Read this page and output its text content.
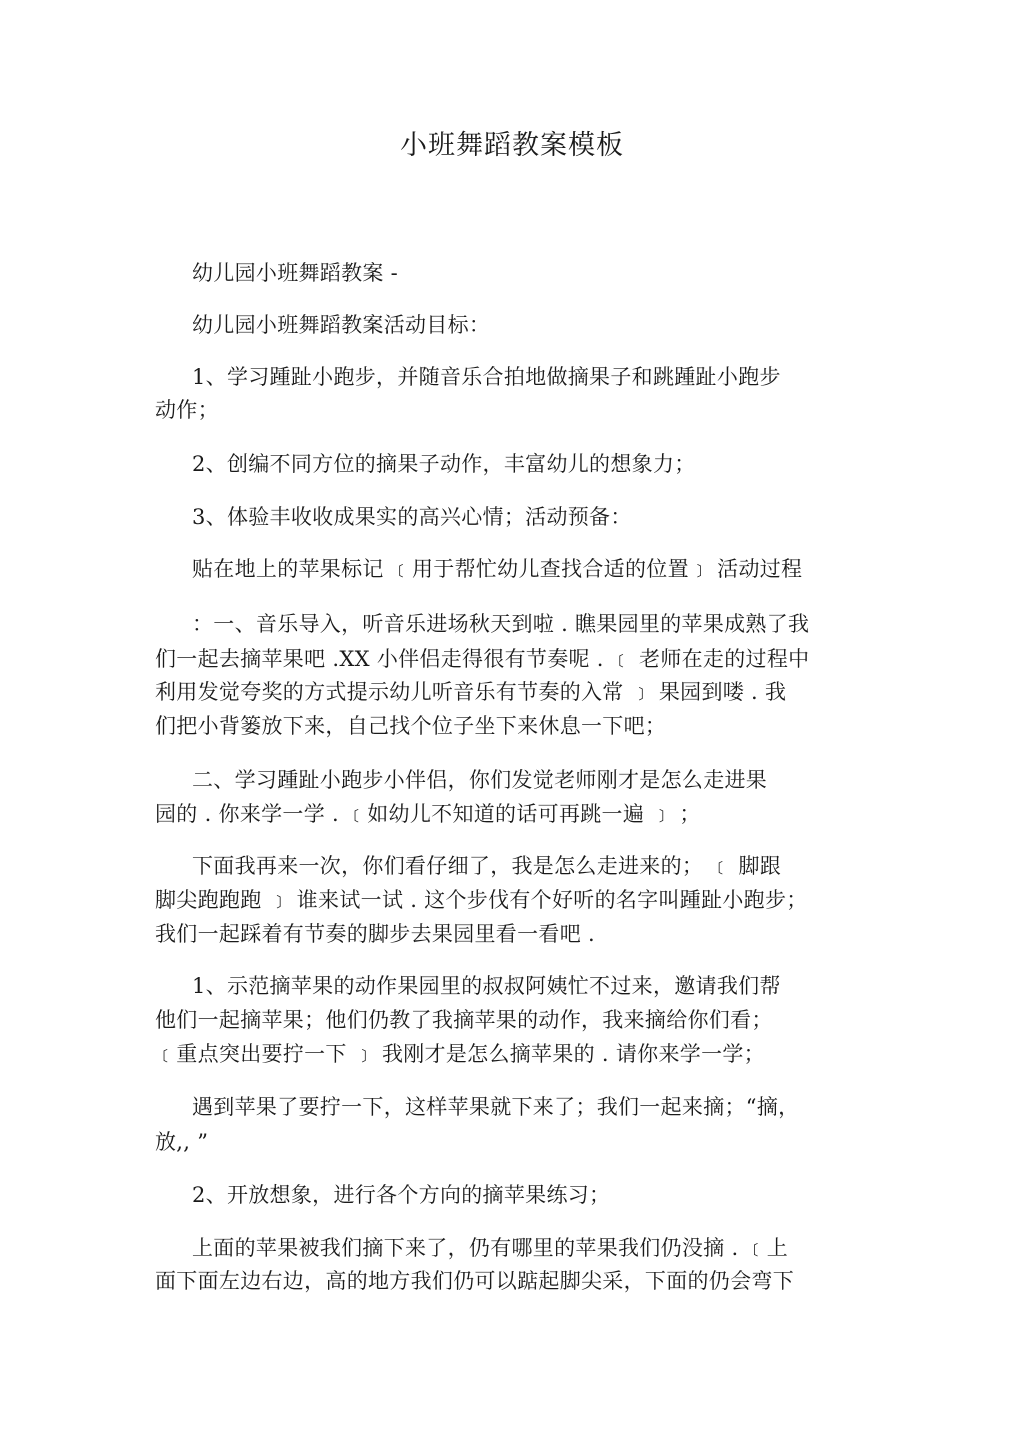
小班舞蹈教案模板
幼儿园小班舞蹈教案 -
幼儿园小班舞蹈教案活动目标：
1、学习踵趾小跑步，并随音乐合拍地做摘果子和跳踵趾小跑步
动作；
2、创编不同方位的摘果子动作，丰富幼儿的想象力；
3、体验丰收收成果实的高兴心情；活动预备：
贴在地上的苹果标记 ﹝用于帮忙幼儿查找合适的位置﹞ 活动过程
：一、音乐导入，听音乐进场秋天到啦 . 瞧果园里的苹果成熟了我
们一起去摘苹果吧 .XX 小伴侣走得很有节奏呢 . ﹝ 老师在走的过程中
利用发觉夸奖的方式提示幼儿听音乐有节奏的入常 ﹞ 果园到喽 . 我
们把小背篓放下来，自己找个位子坐下来休息一下吧；
二、学习踵趾小跑步小伴侣，你们发觉老师刚才是怎么走进果
园的 . 你来学一学 . ﹝如幼儿不知道的话可再跳一遍 ﹞ ；
下面我再来一次，你们看仔细了，我是怎么走进来的； ﹝ 脚跟
脚尖跑跑跑 ﹞ 谁来试一试 . 这个步伐有个好听的名字叫踵趾小跑步；
我们一起踩着有节奏的脚步去果园里看一看吧 .
1、示范摘苹果的动作果园里的叔叔阿姨忙不过来，邀请我们帮
他们一起摘苹果；他们仍教了我摘苹果的动作，我来摘给你们看；
﹝重点突出要拧一下 ﹞ 我刚才是怎么摘苹果的 . 请你来学一学；
遇到苹果了要拧一下，这样苹果就下来了；我们一起来摘；“摘，
放,, ”
2、开放想象，进行各个方向的摘苹果练习；
上面的苹果被我们摘下来了，仍有哪里的苹果我们仍没摘 . ﹝上
面下面左边右边，高的地方我们仍可以踮起脚尖采，下面的仍会弯下
